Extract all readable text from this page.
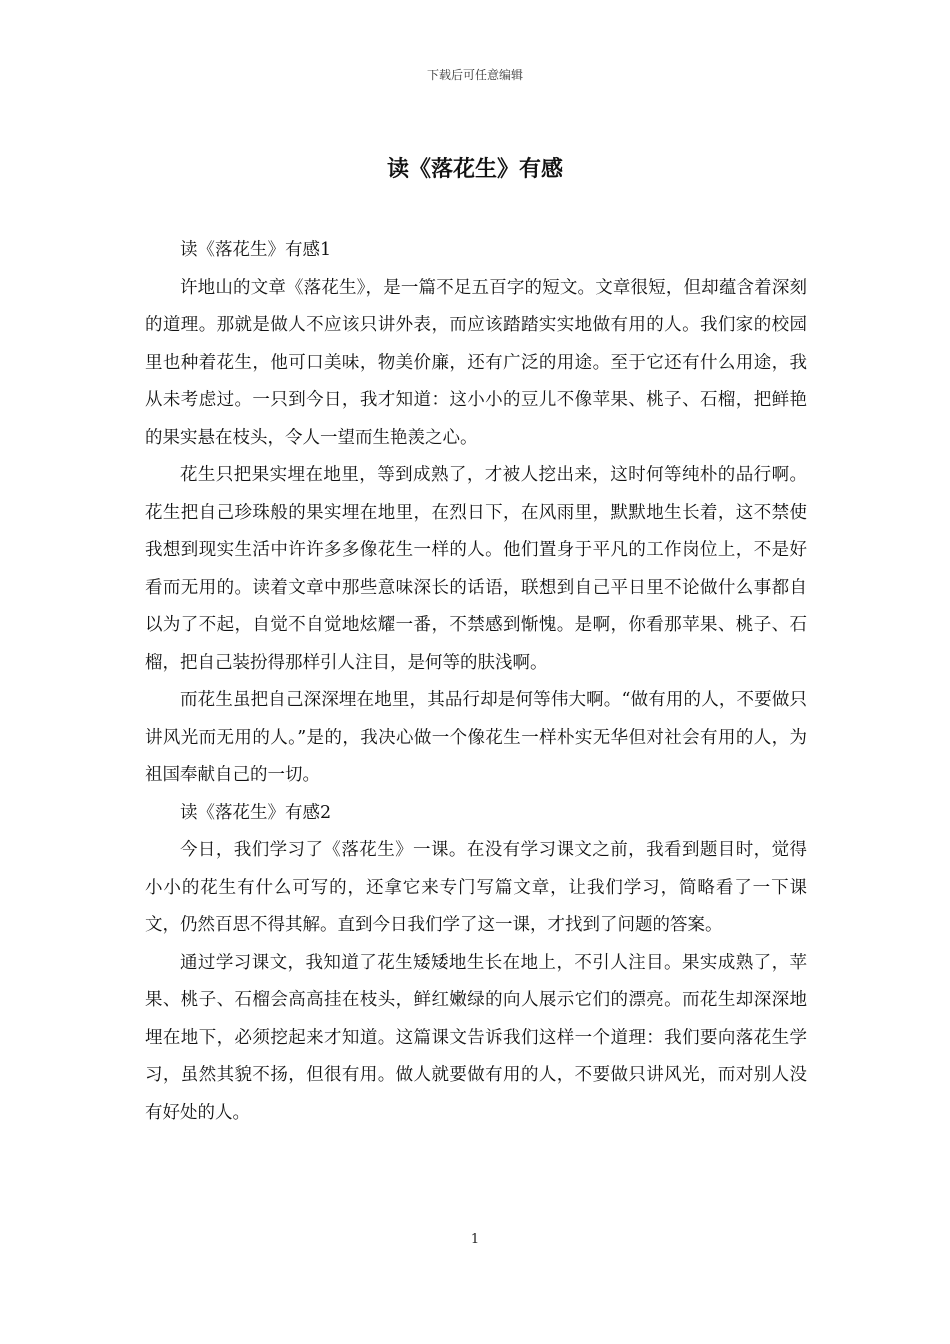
下载后可任意编辑
读《落花生》有感

读《落花生》有感1

许地山的文章《落花生》，是一篇不足五百字的短文。文章很短，但却蕴含着深刻的道理。那就是做人不应该只讲外表，而应该踏踏实实地做有用的人。我们家的校园里也种着花生，他可口美味，物美价廉，还有广泛的用途。至于它还有什么用途，我从未考虑过。一只到今日，我才知道：这小小的豆儿不像苹果、桃子、石榴，把鲜艳的果实悬在枝头，令人一望而生艳羡之心。

花生只把果实埋在地里，等到成熟了，才被人挖出来，这时何等纯朴的品行啊。花生把自己珍珠般的果实埋在地里，在烈日下，在风雨里，默默地生长着，这不禁使我想到现实生活中许许多多像花生一样的人。他们置身于平凡的工作岗位上，不是好看而无用的。读着文章中那些意味深长的话语，联想到自己平日里不论做什么事都自以为了不起，自觉不自觉地炫耀一番，不禁感到惭愧。是啊，你看那苹果、桃子、石榴，把自己装扮得那样引人注目，是何等的肤浅啊。

而花生虽把自己深深埋在地里，其品行却是何等伟大啊。“做有用的人，不要做只讲风光而无用的人。”是的，我决心做一个像花生一样朴实无华但对社会有用的人，为祖国奉献自己的一切。

读《落花生》有感2

今日，我们学习了《落花生》一课。在没有学习课文之前，我看到题目时，觉得小小的花生有什么可写的，还拿它来专门写篇文章，让我们学习，简略看了一下课文，仍然百思不得其解。直到今日我们学了这一课，才找到了问题的答案。

通过学习课文，我知道了花生矮矮地生长在地上，不引人注目。果实成熟了，苹果、桃子、石榴会高高挂在枝头，鲜红嫩绿的向人展示它们的漂亮。而花生却深深地埋在地下，必须挖起来才知道。这篇课文告诉我们这样一个道理：我们要向落花生学习，虽然其貌不扬，但很有用。做人就要做有用的人，不要做只讲风光，而对别人没有好处的人。

1
